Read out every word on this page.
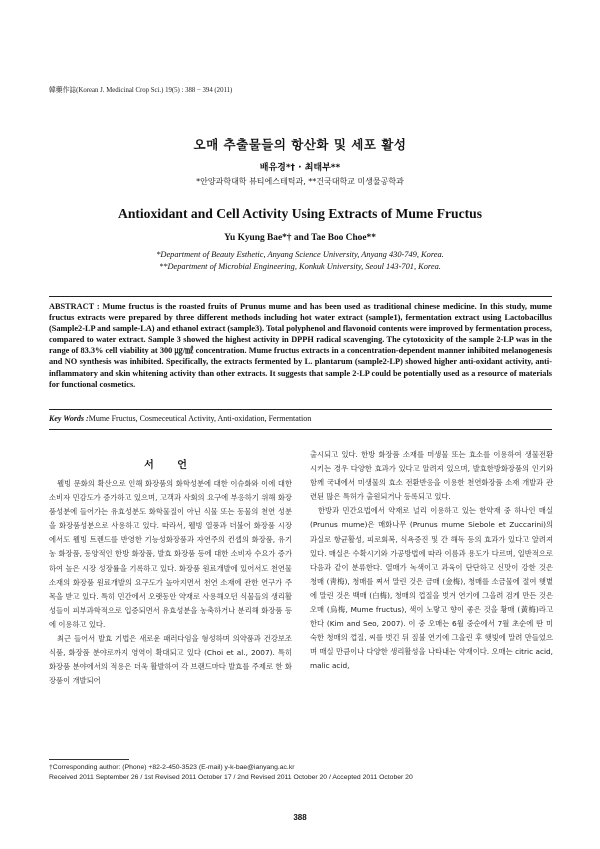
韓藥作誌(Korean J. Medicinal Crop Sci.) 19(5) : 388 − 394 (2011)
오매 추출물들의 항산화 및 세포 활성
배유경*† · 최태부**
*안양과학대학 뷰티에스테틱과, **건국대학교 미생물공학과
Antioxidant and Cell Activity Using Extracts of Mume Fructus
Yu Kyung Bae*† and Tae Boo Choe**
*Department of Beauty Esthetic, Anyang Science University, Anyang 430-749, Korea.
**Department of Microbial Engineering, Konkuk University, Seoul 143-701, Korea.
ABSTRACT : Mume fructus is the roasted fruits of Prunus mume and has been used as traditional chinese medicine. In this study, mume fructus extracts were prepared by three different methods including hot water extract (sample1), fermentation extract using Lactobacillus (Sample2-LP and sample-LA) and ethanol extract (sample3). Total polyphenol and flavonoid contents were improved by fermentation process, compared to water extract. Sample 3 showed the highest activity in DPPH radical scavenging. The cytotoxicity of the sample 2-LP was in the range of 83.3% cell viability at 300 ㎍/㎖ concentration. Mume fructus extracts in a concentration-dependent manner inhibited melanogenesis and NO synthesis was inhibited. Specifically, the extracts fermented by L. plantarum (sample2-LP) showed higher anti-oxidant activity, anti-inflammatory and skin whitening activity than other extracts. It suggests that sample 2-LP could be potentially used as a resource of materials for functional cosmetics.
Key Words :Mume Fructus, Cosmeceutical Activity, Anti-oxidation, Fermentation
서 언

웰빙 문화의 확산으로 인해 화장품의 화학성분에 대한 이슈화와 이에 대한 소비자 민감도가 증가하고 있으며, 고객과 사회의 요구에 부응하기 위해 화장품성분에 들어가는 유효성분도 화학물질이 아닌 식물 또는 동물의 천연 성분을 화장품성분으로 사용하고 있다. 따라서, 웰빙 열풍과 더불어 화장품 시장에서도 웰빙 트렌드를 반영한 기능성화장품과 자연주의 컨셉의 화장품, 유기농 화장품, 동양적인 한방 화장품, 발효 화장품 등에 대한 소비자 수요가 증가하여 높은 시장 성장률을 기록하고 있다. 화장품 원료개발에 있어서도 천연물 소재의 화장품 원료개발의 요구도가 높아지면서 천연 소재에 관한 연구가 주목을 받고 있다. 특히 민간에서 오랫동안 약재로 사용해오던 식물들의 생리활성들이 피부과학적으로 입증되면서 유효성분을 농축하거나 분리해 화장품 등에 이용하고 있다.

최근 들어서 발효 기법은 새로운 패러다임을 형성하며 의약품과 건강보조 식품, 화장품 분야로까지 영역이 확대되고 있다 (Choi et al., 2007). 특히 화장품 분야에서의 적용은 더욱 활발하여 각 브랜드마다 발효를 주제로 한 화장품이 개발되어

출시되고 있다. 한방 화장품 소재를 미생물 또는 효소를 이용하여 생물전환 시키는 경우 다양한 효과가 있다고 알려져 있으며, 발효한방화장품의 인기와 함께 국내에서 미생물의 효소 전환반응을 이용한 천연화장품 소재 개발과 관련된 많은 특허가 출원되거나 등록되고 있다.

한방과 민간요법에서 약재로 널리 이용하고 있는 한약재 중 하나인 매실 (Prunus mume)은 매화나무 (Prunus mume Siebole et Zuccarini)의 과실로 항균활성, 피로회복, 식욕증진 및 간 해독 등의 효과가 있다고 알려져 있다. 매실은 수확시기와 가공방법에 따라 이름과 용도가 다르며, 일반적으로 다음과 같이 분류한다. 열매가 녹색이고 과육이 단단하고 신맛이 강한 것은 청매 (靑梅), 청매를 쪄서 말린 것은 금매 (金梅), 청매를 소금물에 절여 햇볕에 말린 것은 백매 (白梅), 청매의 껍질을 벗겨 연기에 그을려 검게 만든 것은 오매 (烏梅, Mume fructus), 색이 노랗고 향이 좋은 것을 황매 (黃梅)라고 한다 (Kim and Seo, 2007). 이 중 오매는 6월 중순에서 7월 초순에 딴 미숙한 청매의 껍질, 씨를 벗긴 뒤 짚불 연기에 그을린 후 햇빛에 말려 만들었으며 매실 만큼이나 다양한 생리활성을 나타내는 약재이다. 오매는 citric acid, malic acid,

†Corresponding author: (Phone) +82-2-450-3523 (E-mail) y-k-bae@ianyang.ac.kr
Received 2011 September 26 / 1st Revised 2011 October 17 / 2nd Revised 2011 October 20 / Accepted 2011 October 20
388
